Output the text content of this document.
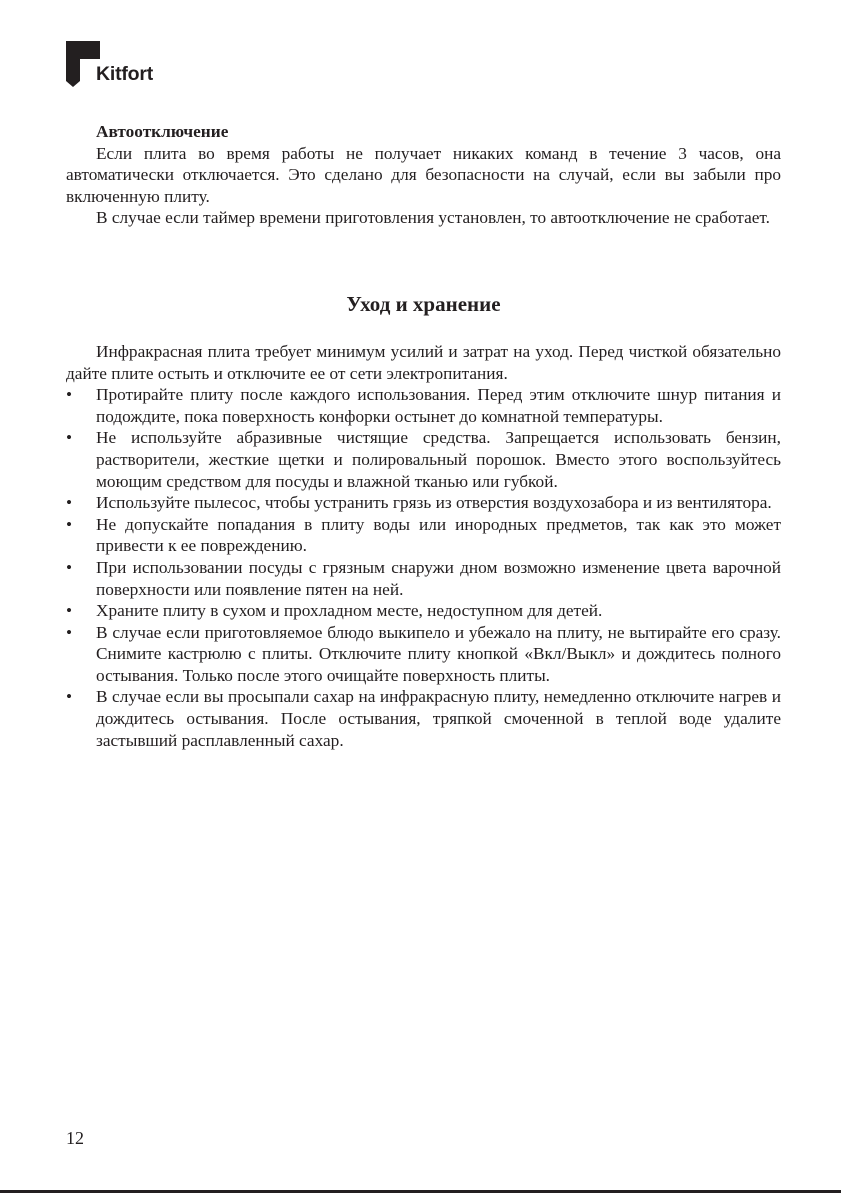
Kitfort
Автоотключение

Если плита во время работы не получает никаких команд в течение 3 часов, она автоматически отключается. Это сделано для безопасности на случай, если вы забыли про включенную плиту.

В случае если таймер времени приготовления установлен, то автоотключение не сработает.

Уход и хранение

Инфракрасная плита требует минимум усилий и затрат на уход. Перед чисткой обязательно дайте плите остыть и отключите ее от сети электропитания.

• Протирайте плиту после каждого использования. Перед этим отключите шнур питания и подождите, пока поверхность конфорки остынет до комнатной температуры.
• Не используйте абразивные чистящие средства. Запрещается использовать бензин, растворители, жесткие щетки и полировальный порошок. Вместо этого воспользуйтесь моющим средством для посуды и влажной тканью или губкой.
• Используйте пылесос, чтобы устранить грязь из отверстия воздухозабора и из вентилятора.
• Не допускайте попадания в плиту воды или инородных предметов, так как это может привести к ее повреждению.
• При использовании посуды с грязным снаружи дном возможно изменение цвета варочной поверхности или появление пятен на ней.
• Храните плиту в сухом и прохладном месте, недоступном для детей.
• В случае если приготовляемое блюдо выкипело и убежало на плиту, не вытирайте его сразу. Снимите кастрюлю с плиты. Отключите плиту кнопкой «Вкл/Выкл» и дождитесь полного остывания. Только после этого очищайте поверхность плиты.
• В случае если вы просыпали сахар на инфракрасную плиту, немедленно отключите нагрев и дождитесь остывания. После остывания, тряпкой смоченной в теплой воде удалите застывший расплавленный сахар.
12
